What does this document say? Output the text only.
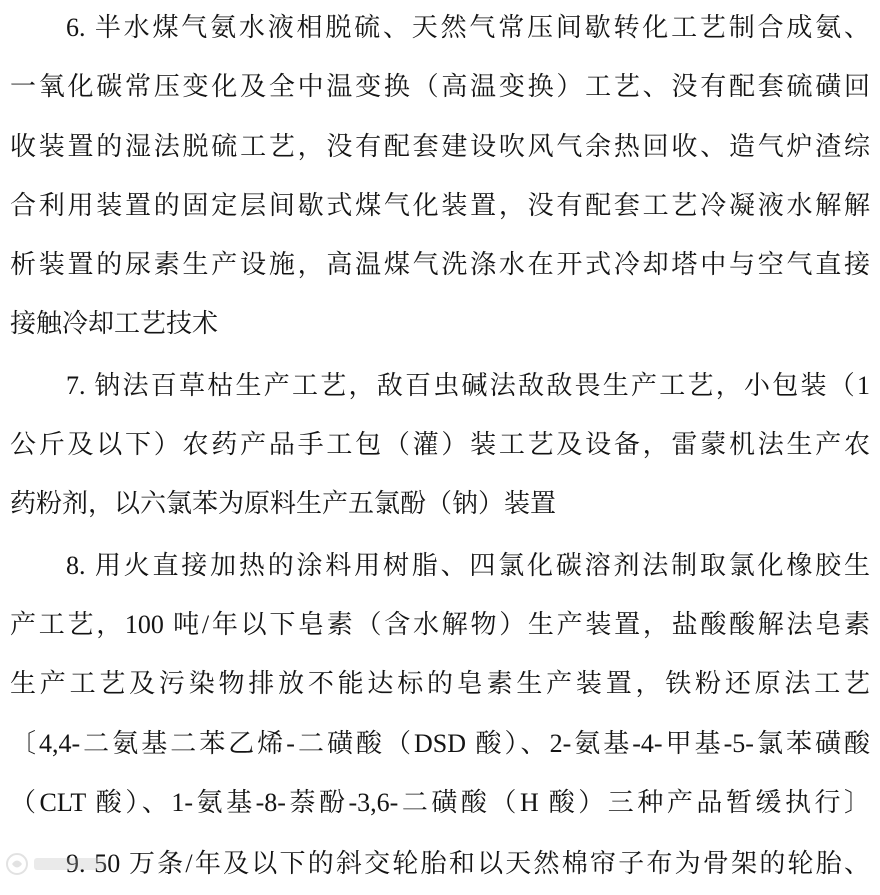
6. 半水煤气氨水液相脱硫、天然气常压间歇转化工艺制合成氨、
一氧化碳常压变化及全中温变换（高温变换）工艺、没有配套硫磺回
收装置的湿法脱硫工艺，没有配套建设吹风气余热回收、造气炉渣综
合利用装置的固定层间歇式煤气化装置，没有配套工艺冷凝液水解解
析装置的尿素生产设施，高温煤气洗涤水在开式冷却塔中与空气直接
接触冷却工艺技术
7. 钠法百草枯生产工艺，敌百虫碱法敌敌畏生产工艺，小包装（1
公斤及以下）农药产品手工包（灌）装工艺及设备，雷蒙机法生产农
药粉剂，以六氯苯为原料生产五氯酚（钠）装置
8. 用火直接加热的涂料用树脂、四氯化碳溶剂法制取氯化橡胶生
产工艺，100 吨/年以下皂素（含水解物）生产装置，盐酸酸解法皂素
生产工艺及污染物排放不能达标的皂素生产装置，铁粉还原法工艺
〔4,4-二氨基二苯乙烯-二磺酸（DSD 酸）、2-氨基-4-甲基-5-氯苯磺酸
（CLT 酸）、1-氨基-8-萘酚-3,6-二磺酸（H 酸）三种产品暂缓执行〕
9. 50 万条/年及以下的斜交轮胎和以天然棉帘子布为骨架的轮胎、
